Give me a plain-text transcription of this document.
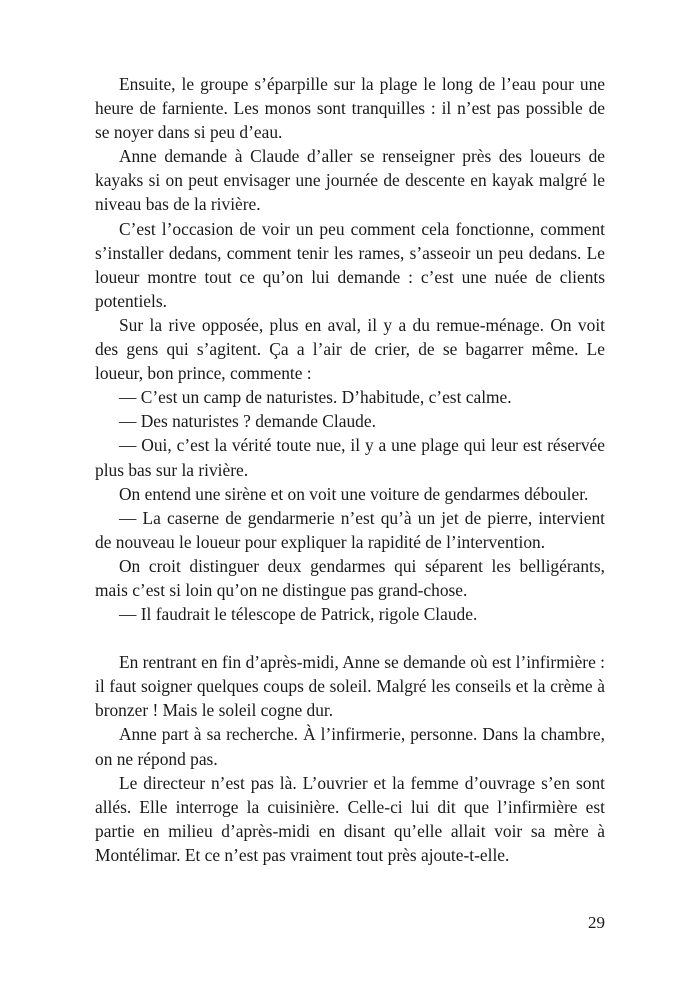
Ensuite, le groupe s’éparpille sur la plage le long de l’eau pour une heure de farniente. Les monos sont tranquilles : il n’est pas possible de se noyer dans si peu d’eau.

Anne demande à Claude d’aller se renseigner près des loueurs de kayaks si on peut envisager une journée de descente en kayak malgré le niveau bas de la rivière.

C’est l’occasion de voir un peu comment cela fonctionne, comment s’installer dedans, comment tenir les rames, s’asseoir un peu dedans. Le loueur montre tout ce qu’on lui demande : c’est une nuée de clients potentiels.

Sur la rive opposée, plus en aval, il y a du remue-ménage. On voit des gens qui s’agitent. Ça a l’air de crier, de se bagarrer même. Le loueur, bon prince, commente :

— C’est un camp de naturistes. D’habitude, c’est calme.

— Des naturistes ? demande Claude.

— Oui, c’est la vérité toute nue, il y a une plage qui leur est réservée plus bas sur la rivière.

On entend une sirène et on voit une voiture de gendarmes débouler.

— La caserne de gendarmerie n’est qu’à un jet de pierre, intervient de nouveau le loueur pour expliquer la rapidité de l’intervention.

On croit distinguer deux gendarmes qui séparent les belligérants, mais c’est si loin qu’on ne distingue pas grand-chose.

— Il faudrait le télescope de Patrick, rigole Claude.

En rentrant en fin d’après-midi, Anne se demande où est l’infirmière : il faut soigner quelques coups de soleil. Malgré les conseils et la crème à bronzer ! Mais le soleil cogne dur.

Anne part à sa recherche. À l’infirmerie, personne. Dans la chambre, on ne répond pas.

Le directeur n’est pas là. L’ouvrier et la femme d’ouvrage s’en sont allés. Elle interroge la cuisinière. Celle-ci lui dit que l’infirmière est partie en milieu d’après-midi en disant qu’elle allait voir sa mère à Montélimar. Et ce n’est pas vraiment tout près ajoute-t-elle.

29
